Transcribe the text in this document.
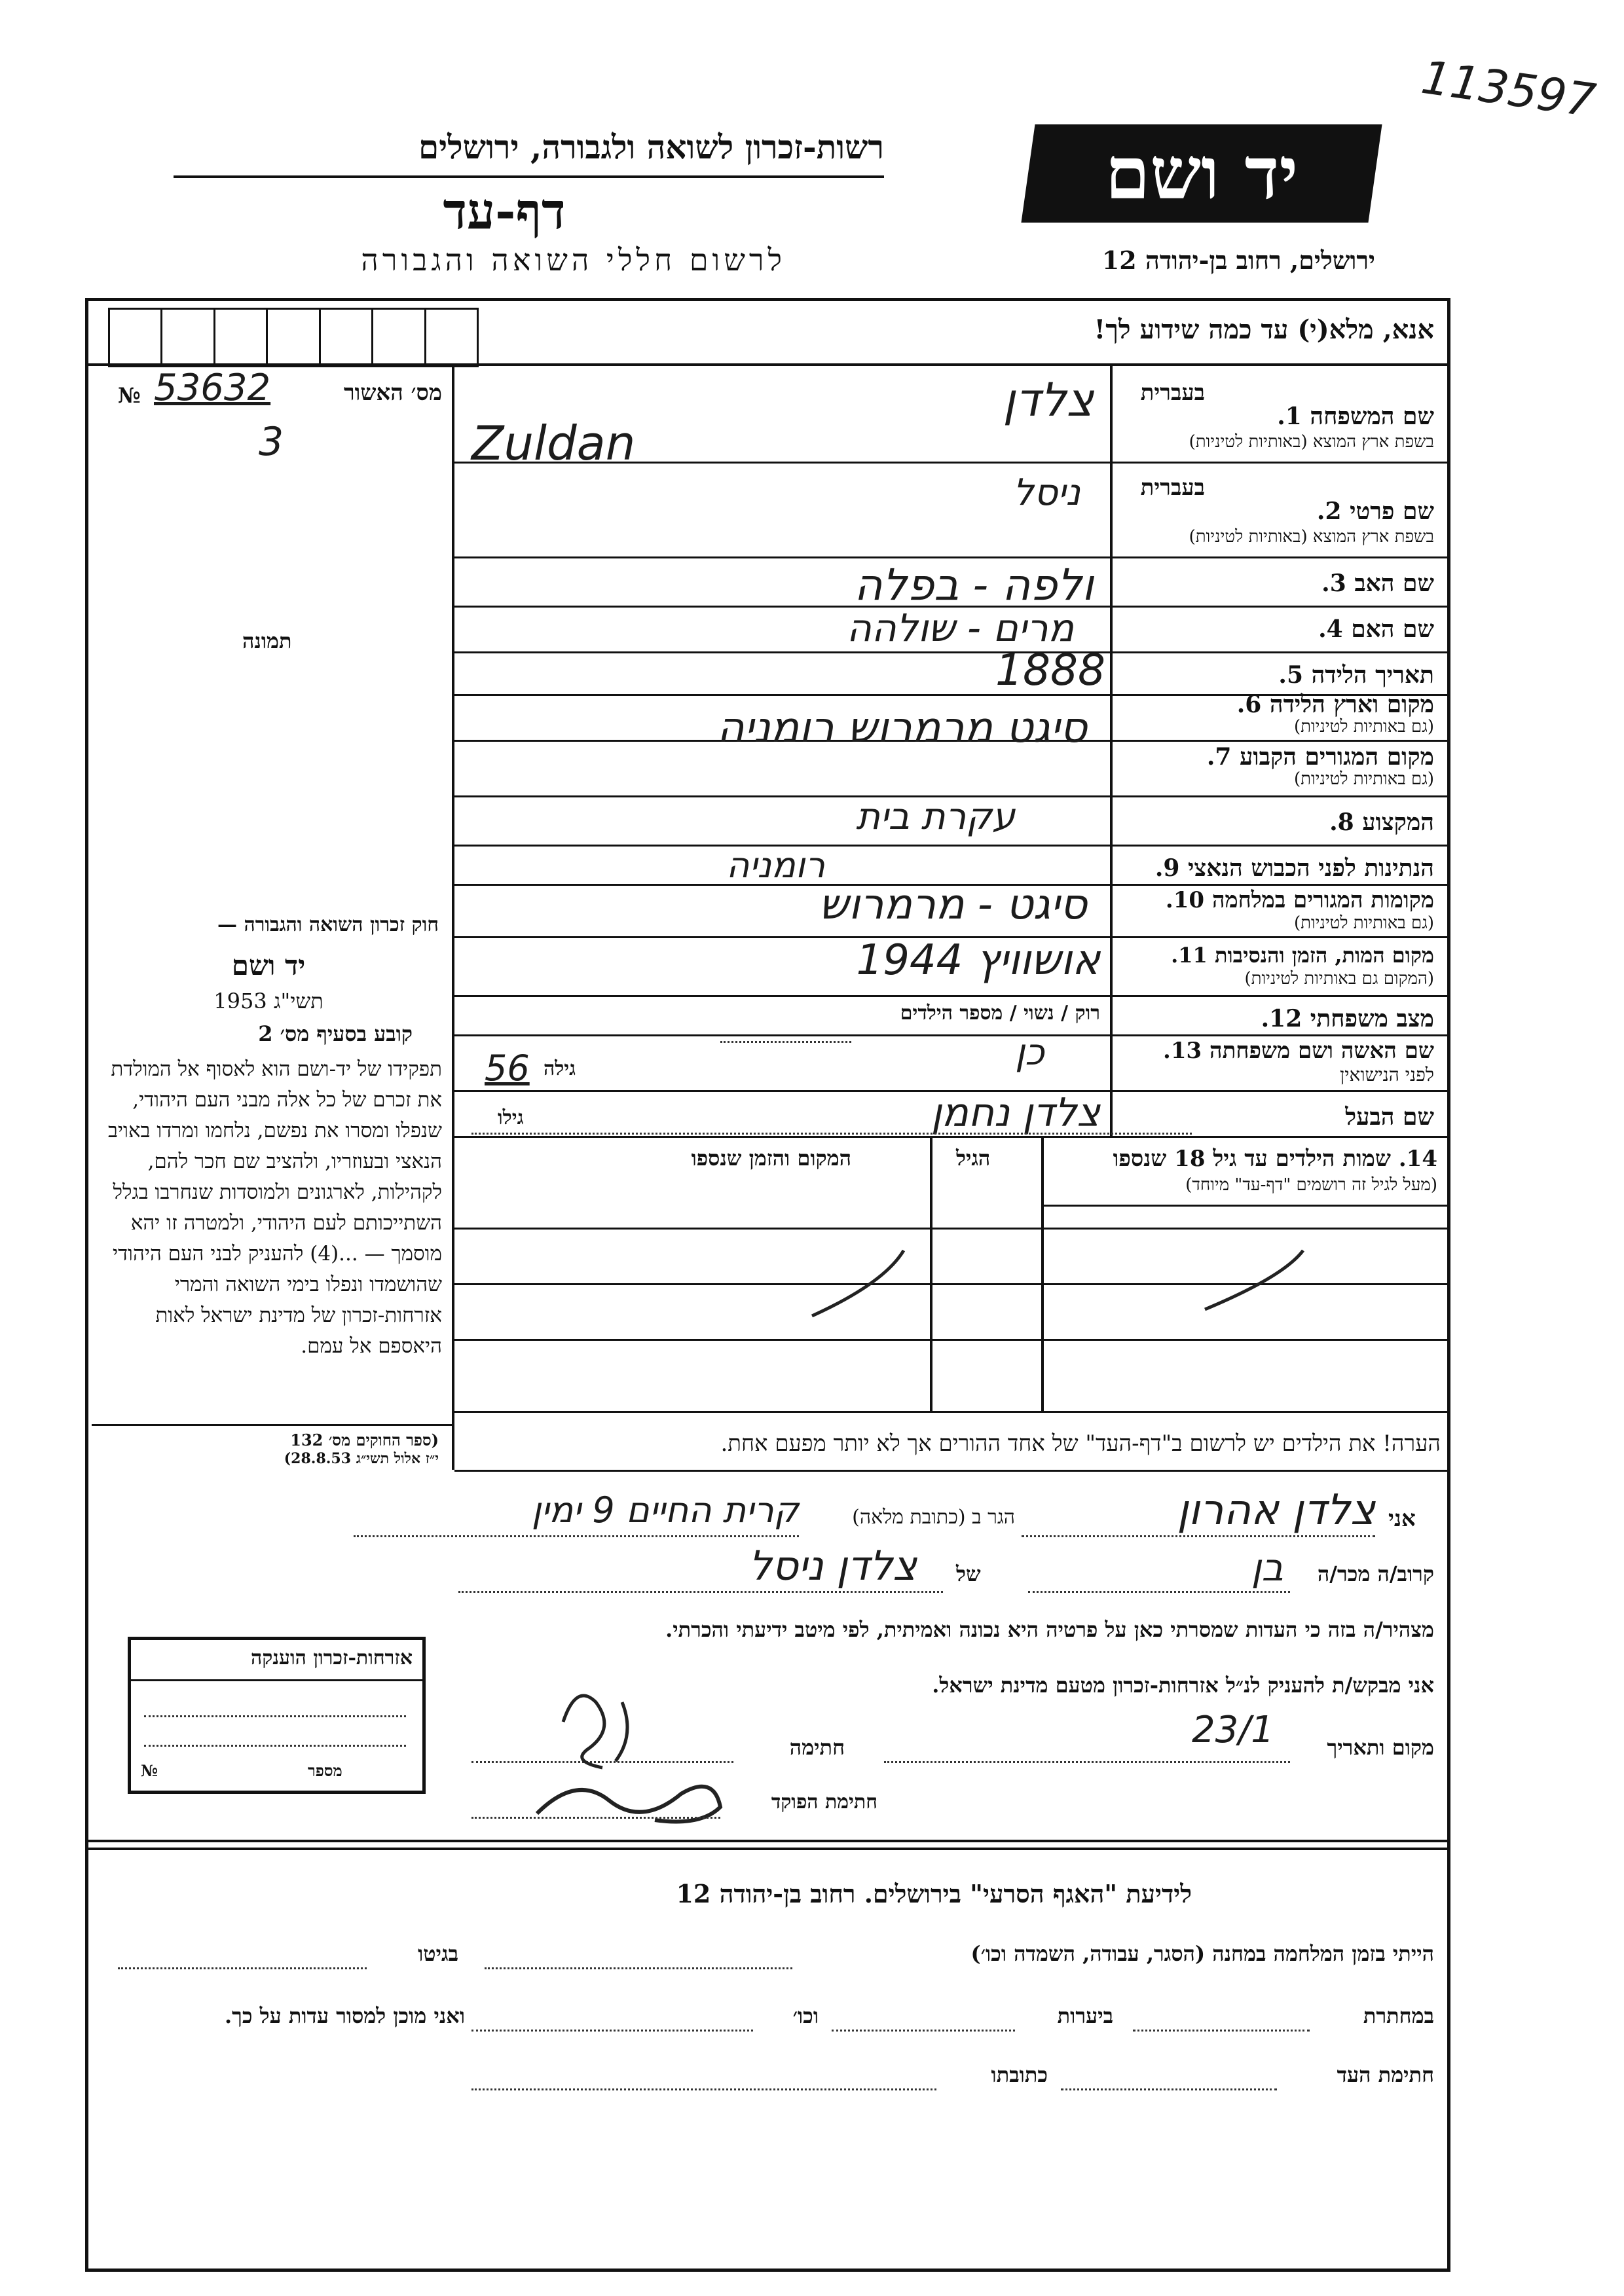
113597
רשות-זכרון לשואה ולגבורה, ירושלים
דף-עד
לרשום חללי השואה והגבורה
יד ושם
ירושלים, רחוב בן-יהודה 12
אנא, מלא(י) עד כמה שידוע לך!
מס׳ האשור
№ 53632
3
תמונה
בעברית
שם המשפחה 1.
בשפת ארץ המוצא (באותיות לטיניות)
צלדן
Zuldan
בעברית
שם פרטי 2.
בשפת ארץ המוצא (באותיות לטיניות)
ניסל
שם האב 3.
ולפה - בפלה
שם האם 4.
מרים - שולהה
תאריך הלידה 5.
1888
מקום וארץ הלידה 6.
(גם באותיות לטיניות)
סיגט מרמרוש רומניה
מקום המגורים הקבוע 7.
(גם באותיות לטיניות)
המקצוע 8.
עקרת בית
הנתינות לפני הכבוש הנאצי 9.
רומניה
מקומות המגורים במלחמה 10.
(גם באותיות לטיניות)
סיגט - מרמרוש
מקום המות, הזמן והנסיבות 11.
(המקום גם באותיות לטיניות)
אושוויץ 1944
מצב משפחתי 12.
רוק / נשוי / מספר הילדים
כן	שם האשה ושם משפחתה 13.
לפני הנישואין
גילה
56
שם הבעל
צלדן נחמן
גילו
14. שמות הילדים עד גיל 18 שנספו
(מעל לגיל זה רושמים "דף-עד" מיוחד)
הגיל
המקום והזמן שנספו
הערה! את הילדים יש לרשום ב"דף-העד" של אחד ההורים אך לא יותר מפעם אחת.
חוק זכרון השואה והגבורה —
יד ושם
תשי"ג 1953
קובע בסעיף מס׳ 2
תפקידו של יד-ושם הוא לאסוף אל המולדת את זכרם של כל אלה מבני העם היהודי, שנפלו ומסרו את נפשם, נלחמו ומרדו באויב הנאצי ובעוזריו, ולהציב שם חכר להם, לקהילות, לארגונים ולמוסדות שנחרבו בגלל השתייכותם לעם היהודי, ולמטרה זו יהא מוסמך — ...(4) להעניק לבני העם היהודי שהושמדו ונפלו בימי השואה והמרי אזרחות-זכרון של מדינת ישראל לאות היאספם אל עמם.
(ספר החוקים מס׳ 132
י״ז אלול תשי״ג 28.8.53)
אני
צלדן אהרון
הגר ב (כתובת מלאה)
קרית החיים 9 ימין
קרוב/ה מכר/ה
בן
של
צלדן ניסל
מצהיר/ה בזה כי העדות שמסרתי כאן על פרטיה היא נכונה ואמיתית, לפי מיטב ידיעתי והכרתי.
אני מבקש/ת להעניק לנ״ל אזרחות-זכרון מטעם מדינת ישראל.
מקום ותאריך
23/1
חתימה
חתימת הפוקד
אזרחות-זכרון הוענקה
№	מספר
לידיעת "האגף הסרעי" בירושלים. רחוב בן-יהודה 12
הייתי בזמן המלחמה במחנה (הסגר, עבודה, השמדה וכו׳)
בגיטו
במחתרת
ביערות
וכו׳
ואני מוכן למסור עדות על כך.
חתימת העד
כתובתו
